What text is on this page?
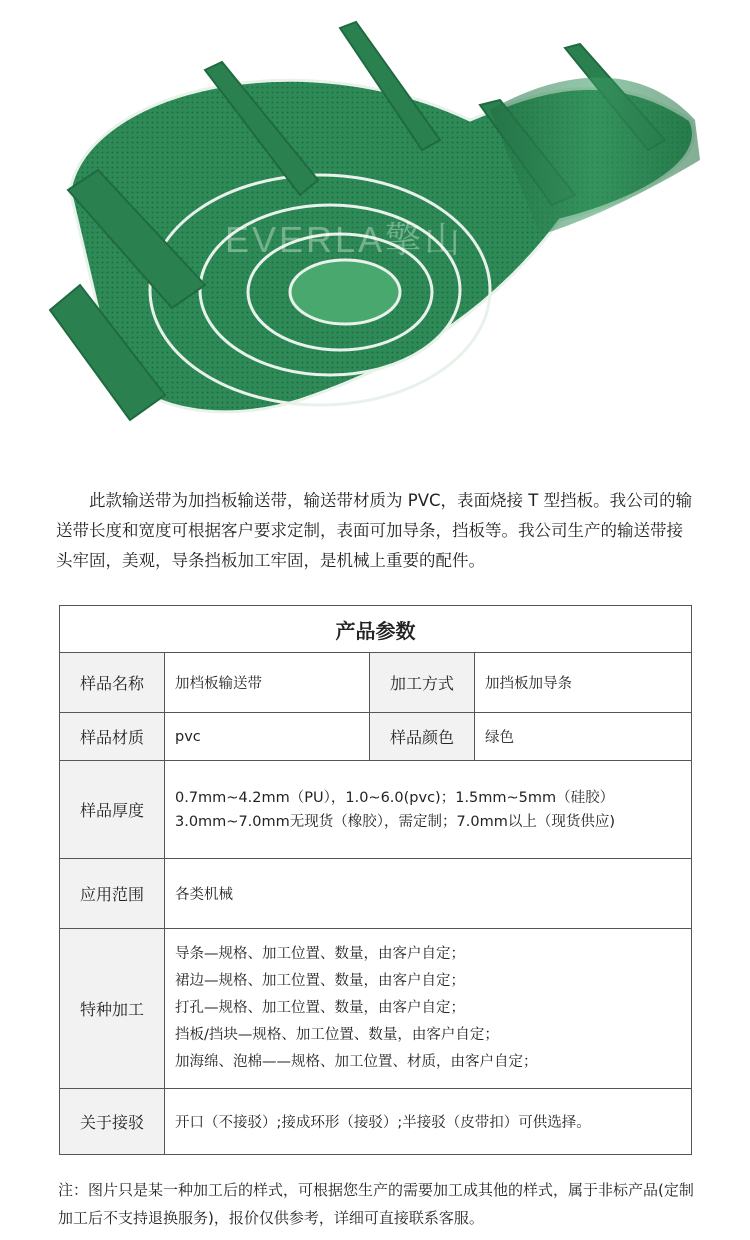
EVERLA擎山
此款输送带为加挡板输送带，输送带材质为 PVC，表面烧接 T 型挡板。我公司的输送带长度和宽度可根据客户要求定制，表面可加导条，挡板等。我公司生产的输送带接头牢固，美观，导条挡板加工牢固，是机械上重要的配件。
产品参数			
样品名称	加档板输送带	加工方式	加挡板加导条
样品材质	pvc	样品颜色	绿色
样品厚度	0.7mm~4.2mm（PU），1.0~6.0(pvc)；1.5mm~5mm（硅胶）
3.0mm~7.0mm无现货（橡胶），需定制；7.0mm以上（现货供应)		

应用范围	各类机械		
特种加工	导条—规格、加工位置、数量，由客户自定；
裙边—规格、加工位置、数量，由客户自定；
打孔—规格、加工位置、数量，由客户自定；
挡板/挡块—规格、加工位置、数量，由客户自定；
加海绵、泡棉——规格、加工位置、材质，由客户自定；		

关于接驳	开口（不接驳）;接成环形（接驳）;半接驳（皮带扣）可供选择。		
注：图片只是某一种加工后的样式，可根据您生产的需要加工成其他的样式，属于非标产品(定制加工后不支持退换服务)，报价仅供参考，详细可直接联系客服。
